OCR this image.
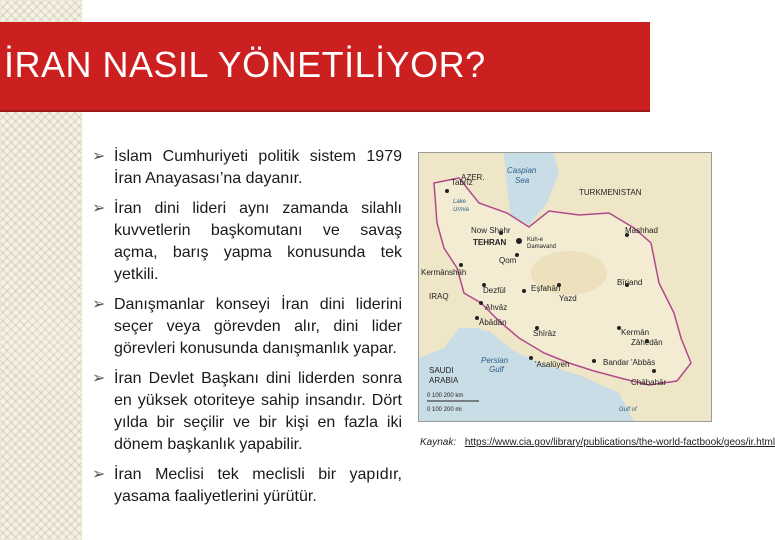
İRAN NASIL YÖNETİLİYOR?
➢ İslam Cumhuriyeti politik sistem 1979 İran Anayasası’na dayanır.
➢ İran dini lideri aynı zamanda silahlı kuvvetlerin başkomutanı ve savaş açma, barış yapma konusunda tek yetkili.
➢ Danışmanlar konseyi İran dini liderini seçer veya görevden alır, dini lider görevleri konusunda danışmanlık yapar.
➢ İran Devlet Başkanı dini liderden sonra en yüksek otoriteye sahip insandır. Dört yılda bir seçilir ve bir kişi en fazla iki dönem başkanlık yapabilir.
➢ İran Meclisi tek meclisli bir yapıdır, yasama faaliyetlerini yürütür.
AZER.
Caspian
Sea
Tabrīz
Lake
Urmia
TURKMENISTAN
Now Shahr	Mashhad
TEHRAN	Kuh-e
Damavand
Qom
Kermānshāh
Eşfahān
Bīrjand
IRAQ
Dezfūl
Ahvāz
Yazd
Ābādān
Shīrāz	Kermān
Zāhedān
Persian
Gulf
SAUDI
ARABIA
'Asalūyeh	Bandar 'Abbās
Chābahār
Gulf of
0 100 200 km
0 100 200 mi
Kaynak: https://www.cia.gov/library/publications/the-world-factbook/geos/ir.html
